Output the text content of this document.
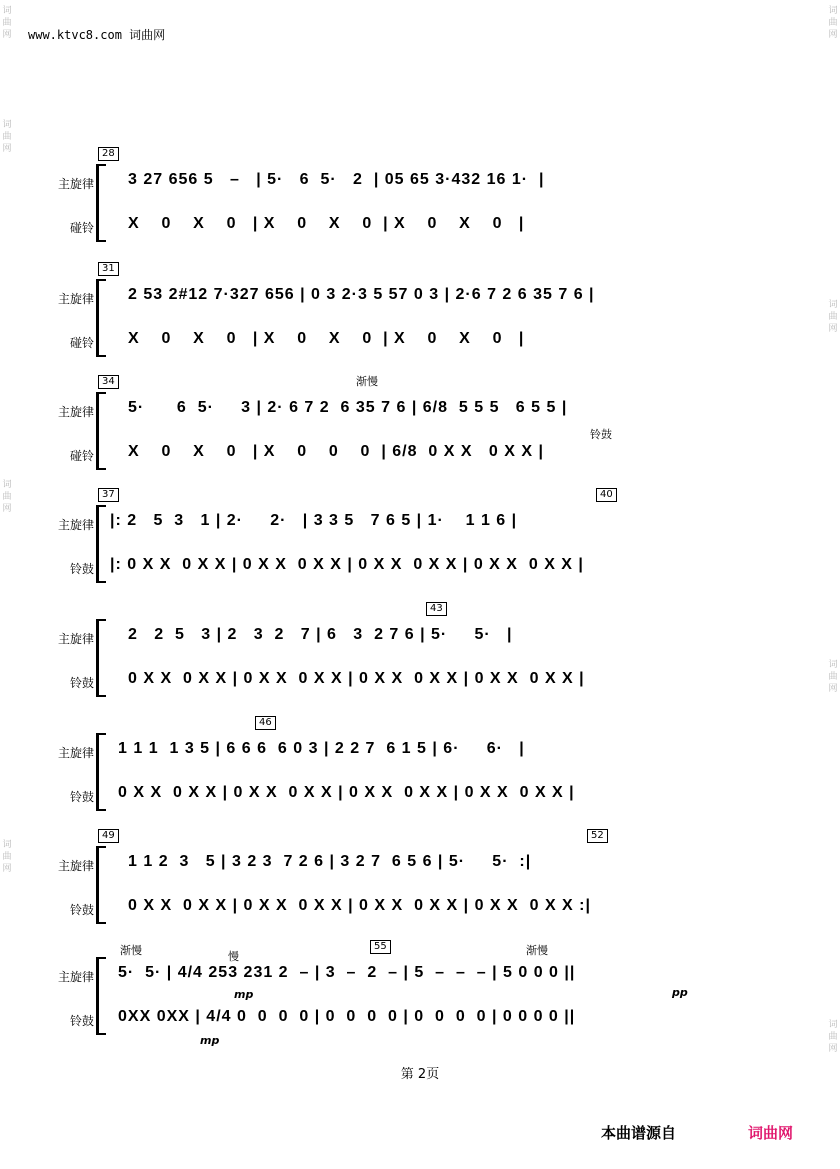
词
曲
网
词
曲
网
词
曲
网
词
曲
网
词
曲
网
词
曲
网
词
曲
网
词
曲
网
www.ktvc8.com 词曲网
28
主旋律
碰铃
3 27 656 5   –   | 5·   6  5·   2  | 05 65 3·432 16 1·  |
X    0    X    0   | X    0    X    0  | X    0    X    0   |
31
主旋律
碰铃
2 53 2#12 7·327 656 | 0 3 2·3 5 57 0 3 | 2·6 7 2 6 35 7 6 |
X    0    X    0   | X    0    X    0  | X    0    X    0   |
34	渐慢
主旋律
碰铃
铃鼓
5·      6  5·     3 | 2· 6 7 2  6 35 7 6 | 6/8  5 5 5   6 5 5 |
X    0    X    0   | X    0    0    0  | 6/8  0 X X   0 X X |
37	40
主旋律
铃鼓
|: 2   5  3   1 | 2·     2·   | 3 3 5   7 6 5 | 1·    1 1 6 |
|: 0 X X  0 X X | 0 X X  0 X X | 0 X X  0 X X | 0 X X  0 X X |
43
主旋律
铃鼓
2   2  5   3 | 2   3  2   7 | 6   3  2 7 6 | 5·     5·   |
0 X X  0 X X | 0 X X  0 X X | 0 X X  0 X X | 0 X X  0 X X |
46
主旋律
铃鼓
1 1 1  1 3 5 | 6 6 6  6 0 3 | 2 2 7  6 1 5 | 6·     6·   |
0 X X  0 X X | 0 X X  0 X X | 0 X X  0 X X | 0 X X  0 X X |
49	52
主旋律
铃鼓
1 1 2  3   5 | 3 2 3  7 2 6 | 3 2 7  6 5 6 | 5·     5·  :|
0 X X  0 X X | 0 X X  0 X X | 0 X X  0 X X | 0 X X  0 X X :|
渐慢	慢
55	渐慢
主旋律
铃鼓
5·  5· | 4/4 253 231 2  – | 3  –  2  – | 5  –  –  – | 5 0 0 0 ||
mp	pp
0XX 0XX | 4/4 0  0  0  0 | 0  0  0  0 | 0  0  0  0 | 0 0 0 0 ||
mp
第 2页
本曲谱源自	词曲网
